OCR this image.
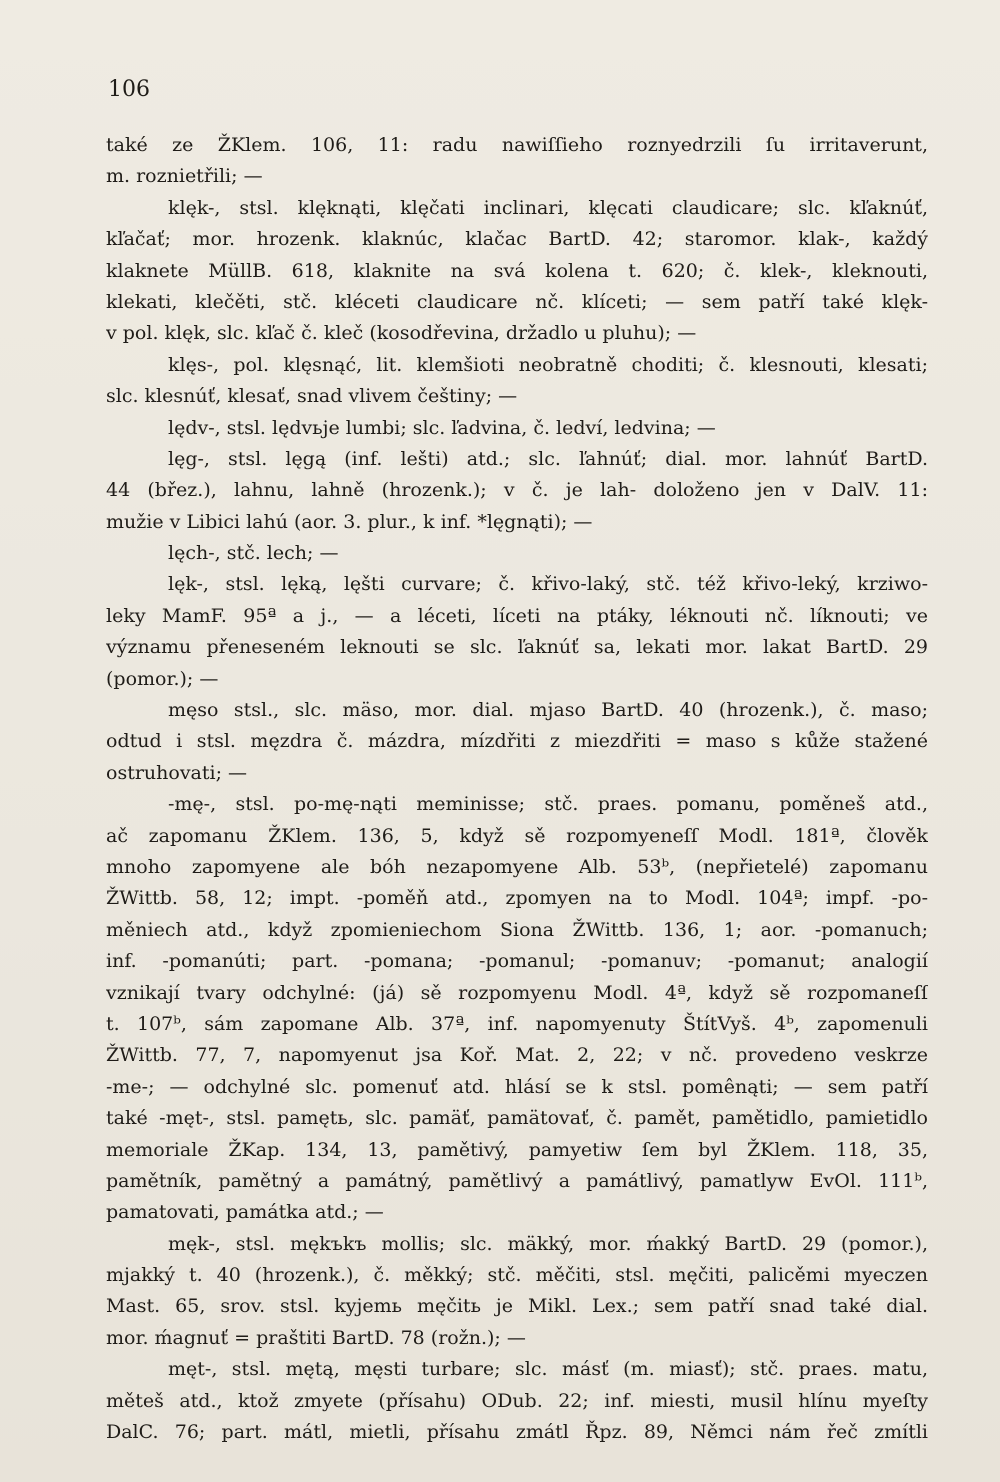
106
také ze ŽKlem. 106, 11: radu nawiſſieho roznyedrzili ſu irritaverunt,
m. roznietřili; —
klęk-, stsl. klęknąti, klęčati inclinari, klęcati claudicare; slc. kľaknúť,
kľačať; mor. hrozenk. klaknúc, klačac BartD. 42; staromor. klak-, každý
klaknete MüllB. 618, klaknite na svá kolena t. 620; č. klek-, kleknouti,
klekati, klečěti, stč. kléceti claudicare nč. klíceti; — sem patří také klęk-
v pol. klęk, slc. kľač č. kleč (kosodřevina, držadlo u pluhu); —
klęs-, pol. klęsnąć, lit. klemšioti neobratně choditi; č. klesnouti, klesati;
slc. klesnúť, klesať, snad vlivem češtiny; —
lędv-, stsl. lędvьje lumbi; slc. ľadvina, č. ledví, ledvina; —
lęg-, stsl. lęgą (inf. lešti) atd.; slc. ľahnúť; dial. mor. lahnúť BartD.
44 (břez.), lahnu, lahně (hrozenk.); v č. je lah- doloženo jen v DalV. 11:
mužie v Libici lahú (aor. 3. plur., k inf. *lęgnąti); —
lęch-, stč. lech; —
lęk-, stsl. lęką, lęšti curvare; č. křivo-laký, stč. též křivo-leký, krziwo-
leky MamF. 95ª a j., — a léceti, líceti na ptáky, léknouti nč. líknouti; ve
významu přeneseném leknouti se slc. ľaknúť sa, lekati mor. lakat BartD. 29
(pomor.); —
męso stsl., slc. mäso, mor. dial. mjaso BartD. 40 (hrozenk.), č. maso;
odtud i stsl. męzdra č. mázdra, mízdřiti z miezdřiti = maso s kůže stažené
ostruhovati; —
-mę-, stsl. po-mę-nąti meminisse; stč. praes. pomanu, poměneš atd.,
ač zapomanu ŽKlem. 136, 5, když sě rozpomyeneſſ Modl. 181ª, člověk
mnoho zapomyene ale bóh nezapomyene Alb. 53ᵇ, (nepřietelé) zapomanu
ŽWittb. 58, 12; impt. -poměň atd., zpomyen na to Modl. 104ª; impf. -po-
měniech atd., když zpomieniechom Siona ŽWittb. 136, 1; aor. -pomanuch;
inf. -pomanúti; part. -pomana; -pomanul; -pomanuv; -pomanut; analogií
vznikají tvary odchylné: (já) sě rozpomyenu Modl. 4ª, když sě rozpomaneſſ
t. 107ᵇ, sám zapomane Alb. 37ª, inf. napomyenuty ŠtítVyš. 4ᵇ, zapomenuli
ŽWittb. 77, 7, napomyenut jsa Koř. Mat. 2, 22; v nč. provedeno veskrze
-me-; — odchylné slc. pomenuť atd. hlásí se k stsl. pomênąti; — sem patří
také -męt-, stsl. pamętь, slc. pamäť, pamätovať, č. pamět, pamětidlo, pamietidlo
memoriale ŽKap. 134, 13, pamětivý, pamyetiw ſem byl ŽKlem. 118, 35,
pamětník, pamětný a památný, pamětlivý a památlivý, pamatlyw EvOl. 111ᵇ,
pamatovati, památka atd.; —
męk-, stsl. mękъkъ mollis; slc. mäkký, mor. ḿakký BartD. 29 (pomor.),
mjakký t. 40 (hrozenk.), č. měkký; stč. měčiti, stsl. męčiti, palicěmi myeczen
Mast. 65, srov. stsl. kyjemь męčitь je Mikl. Lex.; sem patří snad také dial.
mor. ḿagnuť = praštiti BartD. 78 (rožn.); —
męt-, stsl. mętą, męsti turbare; slc. másť (m. miasť); stč. praes. matu,
měteš atd., ktož zmyete (přísahu) ODub. 22; inf. miesti, musil hlínu myeſty
DalC. 76; part. mátl, mietli, přísahu zmátl Řpz. 89, Němci nám řeč zmítli
